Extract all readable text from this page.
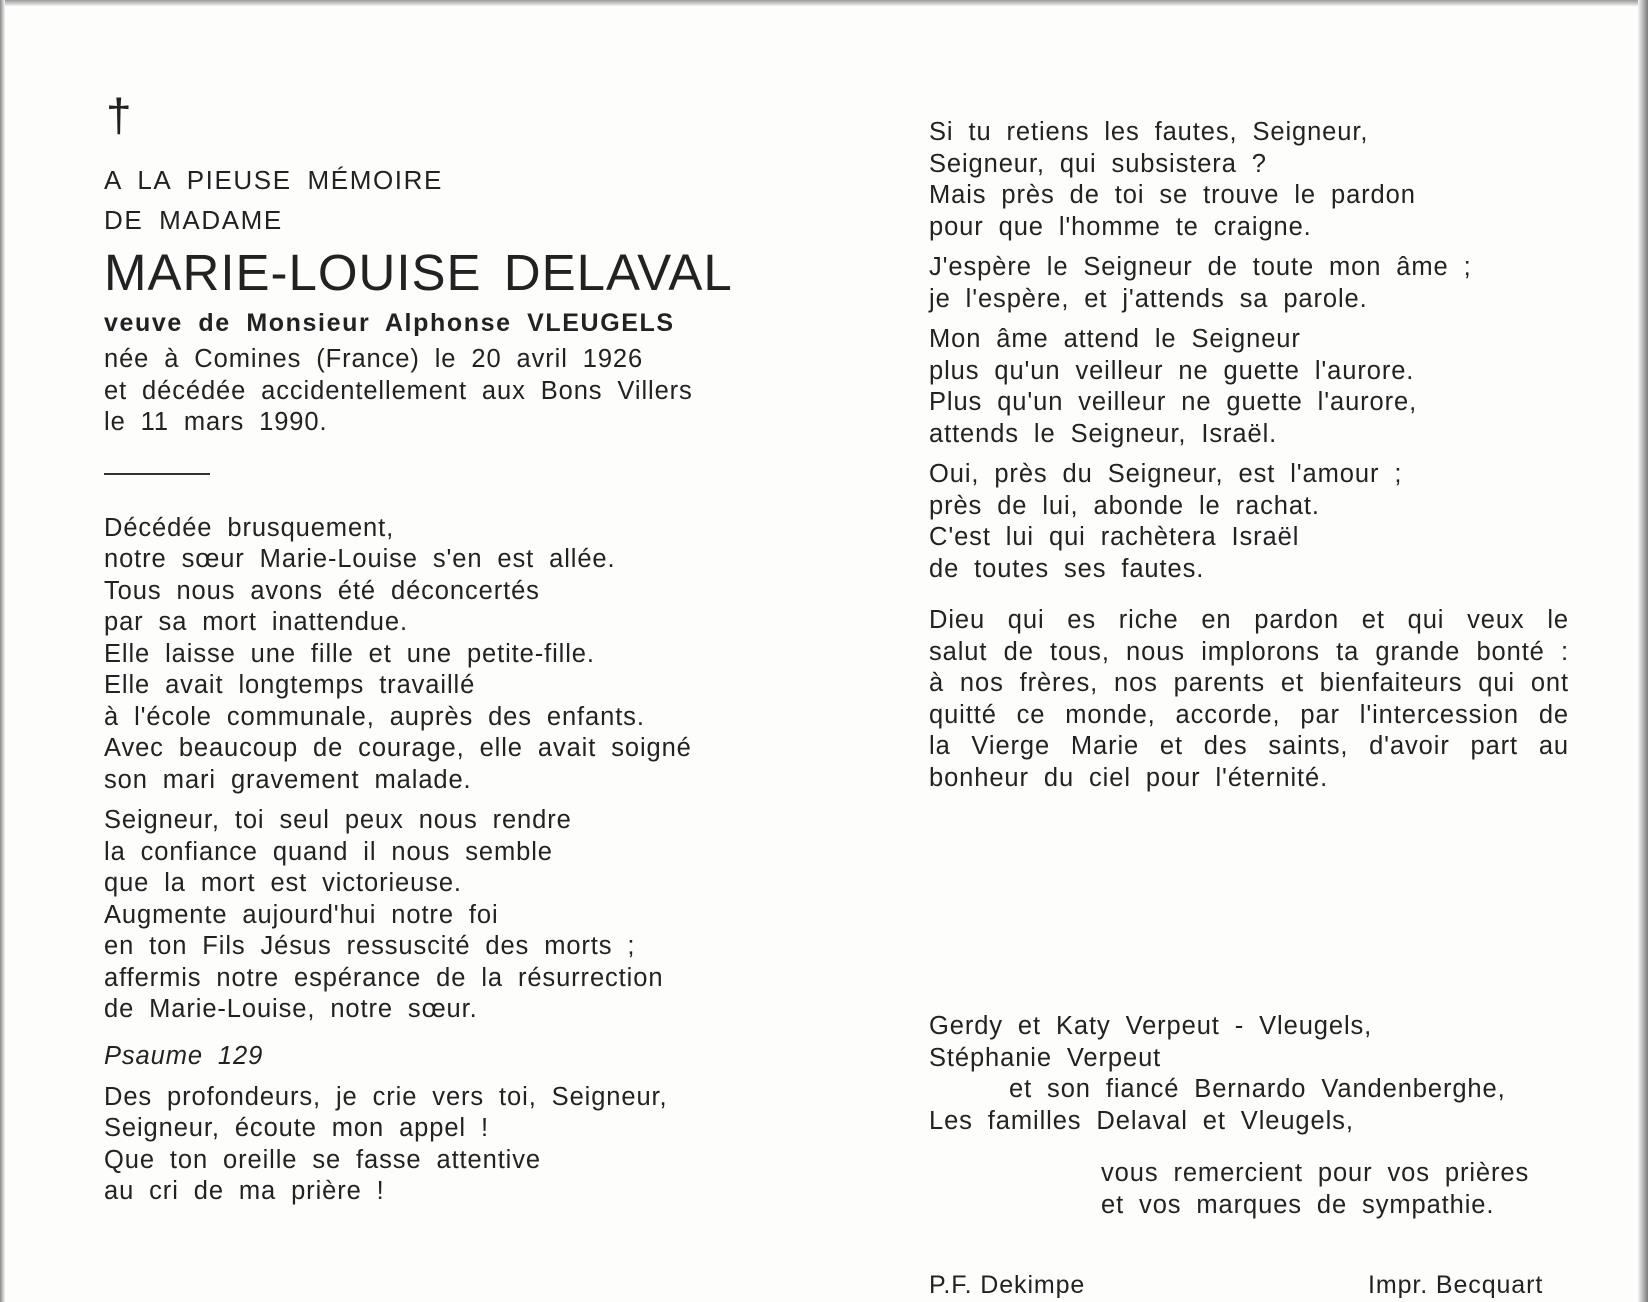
†
A LA PIEUSE MÉMOIRE
DE MADAME
MARIE-LOUISE DELAVAL
veuve de Monsieur Alphonse VLEUGELS
née à Comines (France) le 20 avril 1926
et décédée accidentellement aux Bons Villers
le 11 mars 1990.
Décédée brusquement,
notre sœur Marie-Louise s'en est allée.
Tous nous avons été déconcertés
par sa mort inattendue.
Elle laisse une fille et une petite-fille.
Elle avait longtemps travaillé
à l'école communale, auprès des enfants.
Avec beaucoup de courage, elle avait soigné
son mari gravement malade.
Seigneur, toi seul peux nous rendre
la confiance quand il nous semble
que la mort est victorieuse.
Augmente aujourd'hui notre foi
en ton Fils Jésus ressuscité des morts ;
affermis notre espérance de la résurrection
de Marie-Louise, notre sœur.
Psaume 129
Des profondeurs, je crie vers toi, Seigneur,
Seigneur, écoute mon appel !
Que ton oreille se fasse attentive
au cri de ma prière !
Si tu retiens les fautes, Seigneur,
Seigneur, qui subsistera ?
Mais près de toi se trouve le pardon
pour que l'homme te craigne.
J'espère le Seigneur de toute mon âme ;
je l'espère, et j'attends sa parole.
Mon âme attend le Seigneur
plus qu'un veilleur ne guette l'aurore.
Plus qu'un veilleur ne guette l'aurore,
attends le Seigneur, Israël.
Oui, près du Seigneur, est l'amour ;
près de lui, abonde le rachat.
C'est lui qui rachètera Israël
de toutes ses fautes.
Dieu qui es riche en pardon et qui veux le salut de tous, nous implorons ta grande bonté : à nos frères, nos parents et bienfaiteurs qui ont quitté ce monde, accorde, par l'intercession de la Vierge Marie et des saints, d'avoir part au bonheur du ciel pour l'éternité.
Gerdy et Katy Verpeut - Vleugels,
Stéphanie Verpeut
et son fiancé Bernardo Vandenberghe,
Les familles Delaval et Vleugels,
vous remercient pour vos prières
et vos marques de sympathie.
P.F. Dekimpe	Impr. Becquart
